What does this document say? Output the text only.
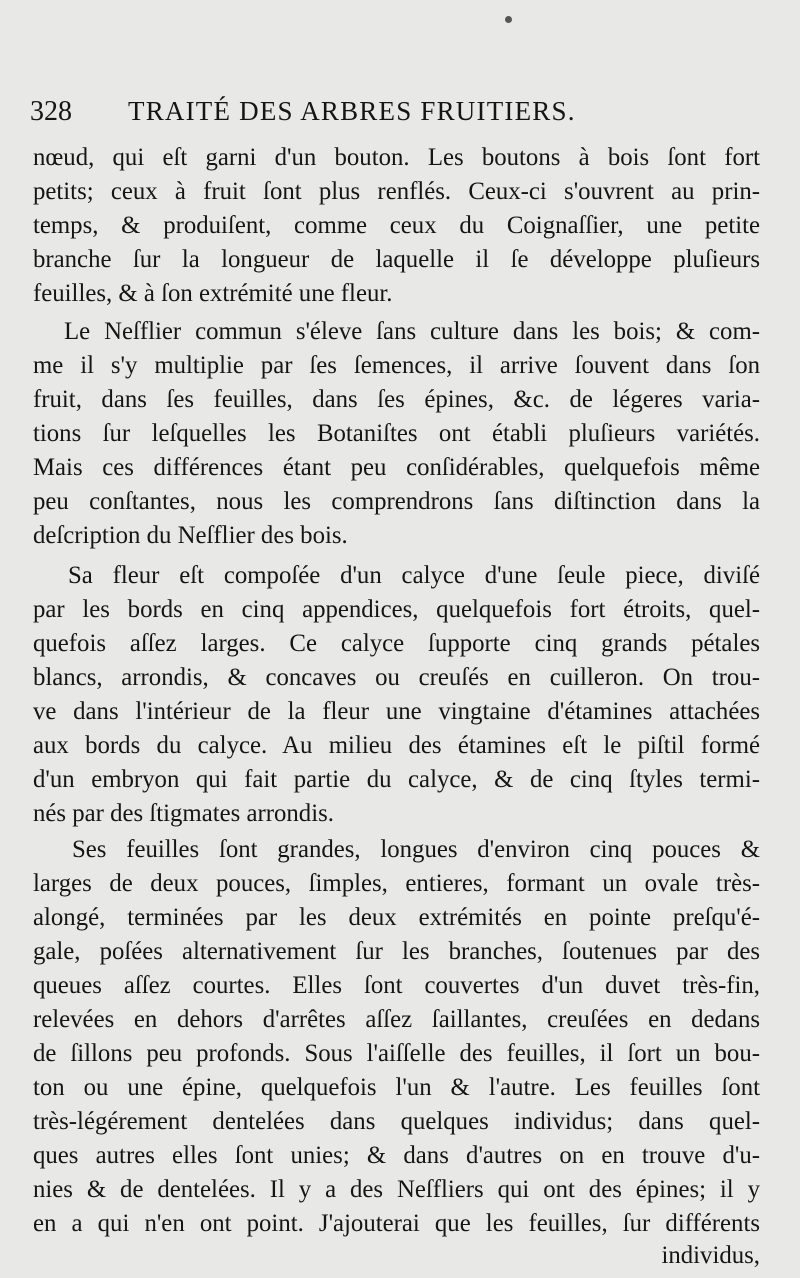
328 TRAITÉ DES ARBRES FRUITIERS.
nœud, qui eſt garni d'un bouton. Les boutons à bois ſont fort
petits; ceux à fruit ſont plus renflés. Ceux-ci s'ouvrent au prin-
temps, & produiſent, comme ceux du Coignaſſier, une petite
branche ſur la longueur de laquelle il ſe développe pluſieurs
feuilles, & à ſon extrémité une fleur.
Le Neſflier commun s'éleve ſans culture dans les bois; & com-
me il s'y multiplie par ſes ſemences, il arrive ſouvent dans ſon
fruit, dans ſes feuilles, dans ſes épines, &c. de légeres varia-
tions ſur leſquelles les Botaniſtes ont établi pluſieurs variétés.
Mais ces différences étant peu conſidérables, quelquefois même
peu conſtantes, nous les comprendrons ſans diſtinction dans la
deſcription du Neſflier des bois.
Sa fleur eſt compoſée d'un calyce d'une ſeule piece, diviſé
par les bords en cinq appendices, quelquefois fort étroits, quel-
quefois aſſez larges. Ce calyce ſupporte cinq grands pétales
blancs, arrondis, & concaves ou creuſés en cuilleron. On trou-
ve dans l'intérieur de la fleur une vingtaine d'étamines attachées
aux bords du calyce. Au milieu des étamines eſt le piſtil formé
d'un embryon qui fait partie du calyce, & de cinq ſtyles termi-
nés par des ſtigmates arrondis.
Ses feuilles ſont grandes, longues d'environ cinq pouces &
larges de deux pouces, ſimples, entieres, formant un ovale très-
alongé, terminées par les deux extrémités en pointe preſqu'é-
gale, poſées alternativement ſur les branches, ſoutenues par des
queues aſſez courtes. Elles ſont couvertes d'un duvet très-fin,
relevées en dehors d'arrêtes aſſez ſaillantes, creuſées en dedans
de ſillons peu profonds. Sous l'aiſſelle des feuilles, il ſort un bou-
ton ou une épine, quelquefois l'un & l'autre. Les feuilles ſont
très-légérement dentelées dans quelques individus; dans quel-
ques autres elles ſont unies; & dans d'autres on en trouve d'u-
nies & de dentelées. Il y a des Neſfliers qui ont des épines; il y
en a qui n'en ont point. J'ajouterai que les feuilles, ſur différents
individus,
